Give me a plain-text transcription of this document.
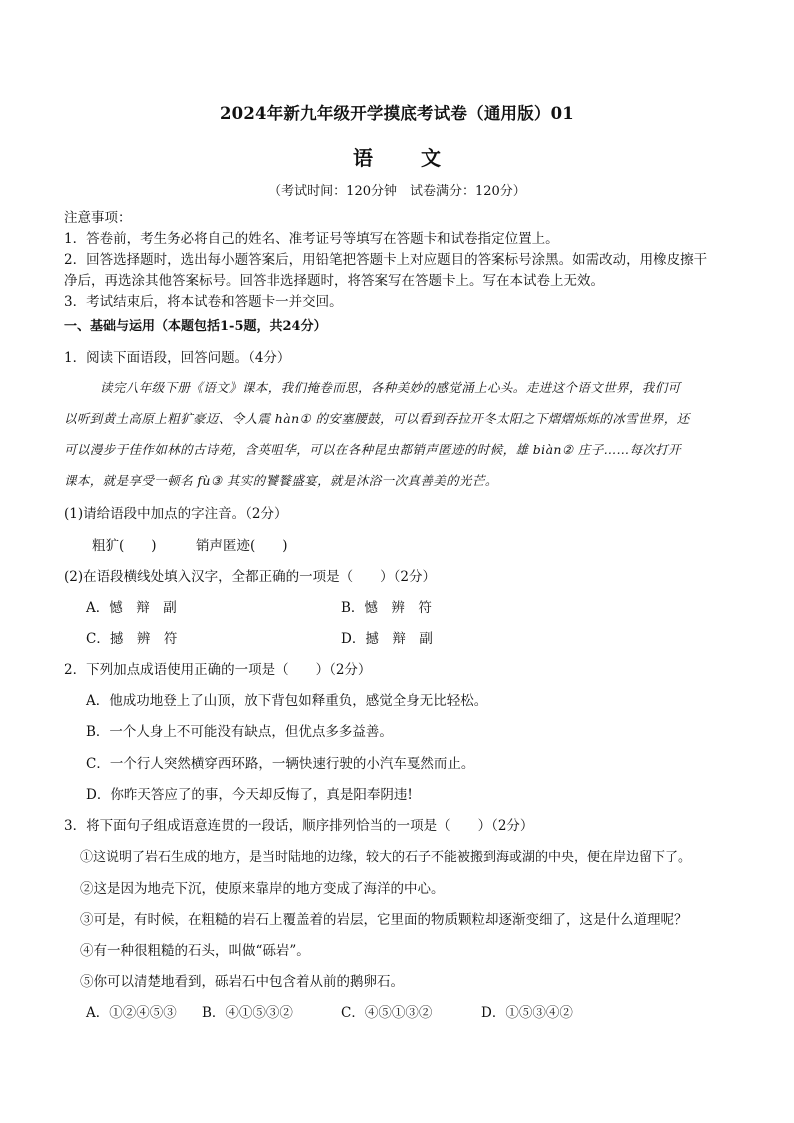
2024年新九年级开学摸底考试卷（通用版）01
语 文
（考试时间：120分钟　试卷满分：120分）
注意事项：
1．答卷前，考生务必将自己的姓名、准考证号等填写在答题卡和试卷指定位置上。
2．回答选择题时，选出每小题答案后，用铅笔把答题卡上对应题目的答案标号涂黑。如需改动，用橡皮擦干
净后，再选涂其他答案标号。回答非选择题时，将答案写在答题卡上。写在本试卷上无效。
3．考试结束后，将本试卷和答题卡一并交回。
一、基础与运用（本题包括1-5题，共24分）
1．阅读下面语段，回答问题。（4分）
读完八年级下册《语文》课本，我们掩卷而思，各种美妙的感觉涌上心头。走进这个语文世界，我们可
以听到黄土高原上粗犷豪迈、令人震 hàn① 的安塞腰鼓，可以看到吞拉开冬太阳之下熠熠烁烁的冰雪世界，还
可以漫步于佳作如林的古诗苑，含英咀华，可以在各种昆虫都销声匿迹的时候，雄 biàn② 庄子……每次打开
课本，就是享受一顿名 fù③ 其实的饕餮盛宴，就是沐浴一次真善美的光芒。
(1)请给语段中加点的字注音。（2分）
粗犷(　　)	销声匿迹(　　)
(2)在语段横线处填入汉字，全都正确的一项是（　　）（2分）
A．憾　辩　副	B．憾　辨　符
C．撼　辨　符	D．撼　辩　副
2．下列加点成语使用正确的一项是（　　）（2分）
A．他成功地登上了山顶，放下背包如释重负，感觉全身无比轻松。
B．一个人身上不可能没有缺点，但优点多多益善。
C．一个行人突然横穿西环路，一辆快速行驶的小汽车戛然而止。
D．你昨天答应了的事，今天却反悔了，真是阳奉阴违!
3．将下面句子组成语意连贯的一段话，顺序排列恰当的一项是（　　）（2分）
①这说明了岩石生成的地方，是当时陆地的边缘，较大的石子不能被搬到海或湖的中央，便在岸边留下了。
②这是因为地壳下沉，使原来靠岸的地方变成了海洋的中心。
③可是，有时候，在粗糙的岩石上覆盖着的岩层，它里面的物质颗粒却逐渐变细了，这是什么道理呢？
④有一种很粗糙的石头，叫做“砾岩”。
⑤你可以清楚地看到，砾岩石中包含着从前的鹅卵石。
A．①②④⑤③ B．④①⑤③②	C．④⑤①③②	D．①⑤③④②
